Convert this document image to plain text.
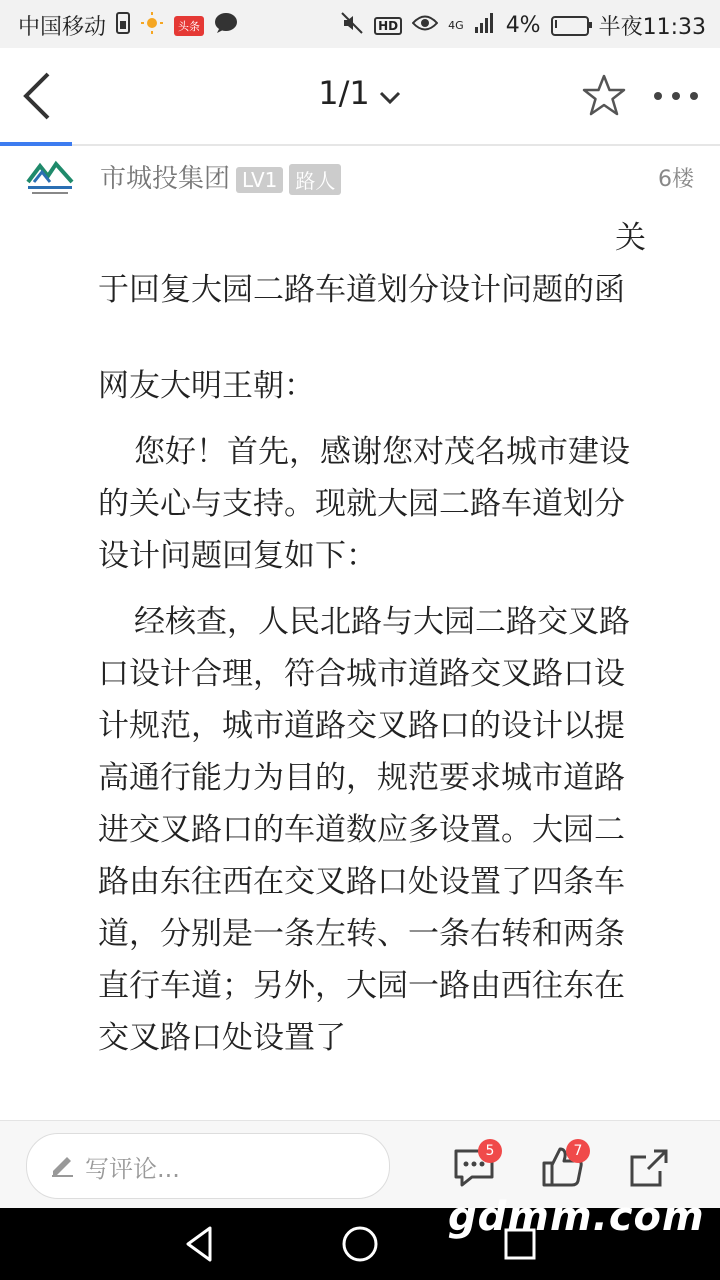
中国移动	头条	HD	4G 4%	半夜11:33
1/1
市城投集团 LV1 路人	6楼

关

于回复大园二路车道划分设计问题的函

网友大明王朝：

您好！首先，感谢您对茂名城市建设的关心与支持。现就大园二路车道划分设计问题回复如下：

经核查，人民北路与大园二路交叉路口设计合理，符合城市道路交叉路口设计规范，城市道路交叉路口的设计以提高通行能力为目的，规范要求城市道路进交叉路口的车道数应多设置。大园二路由东往西在交叉路口处设置了四条车道，分别是一条左转、一条右转和两条直行车道；另外，大园一路由西往东在交叉路口处设置了

写评论...
5	7
gdmm.com
